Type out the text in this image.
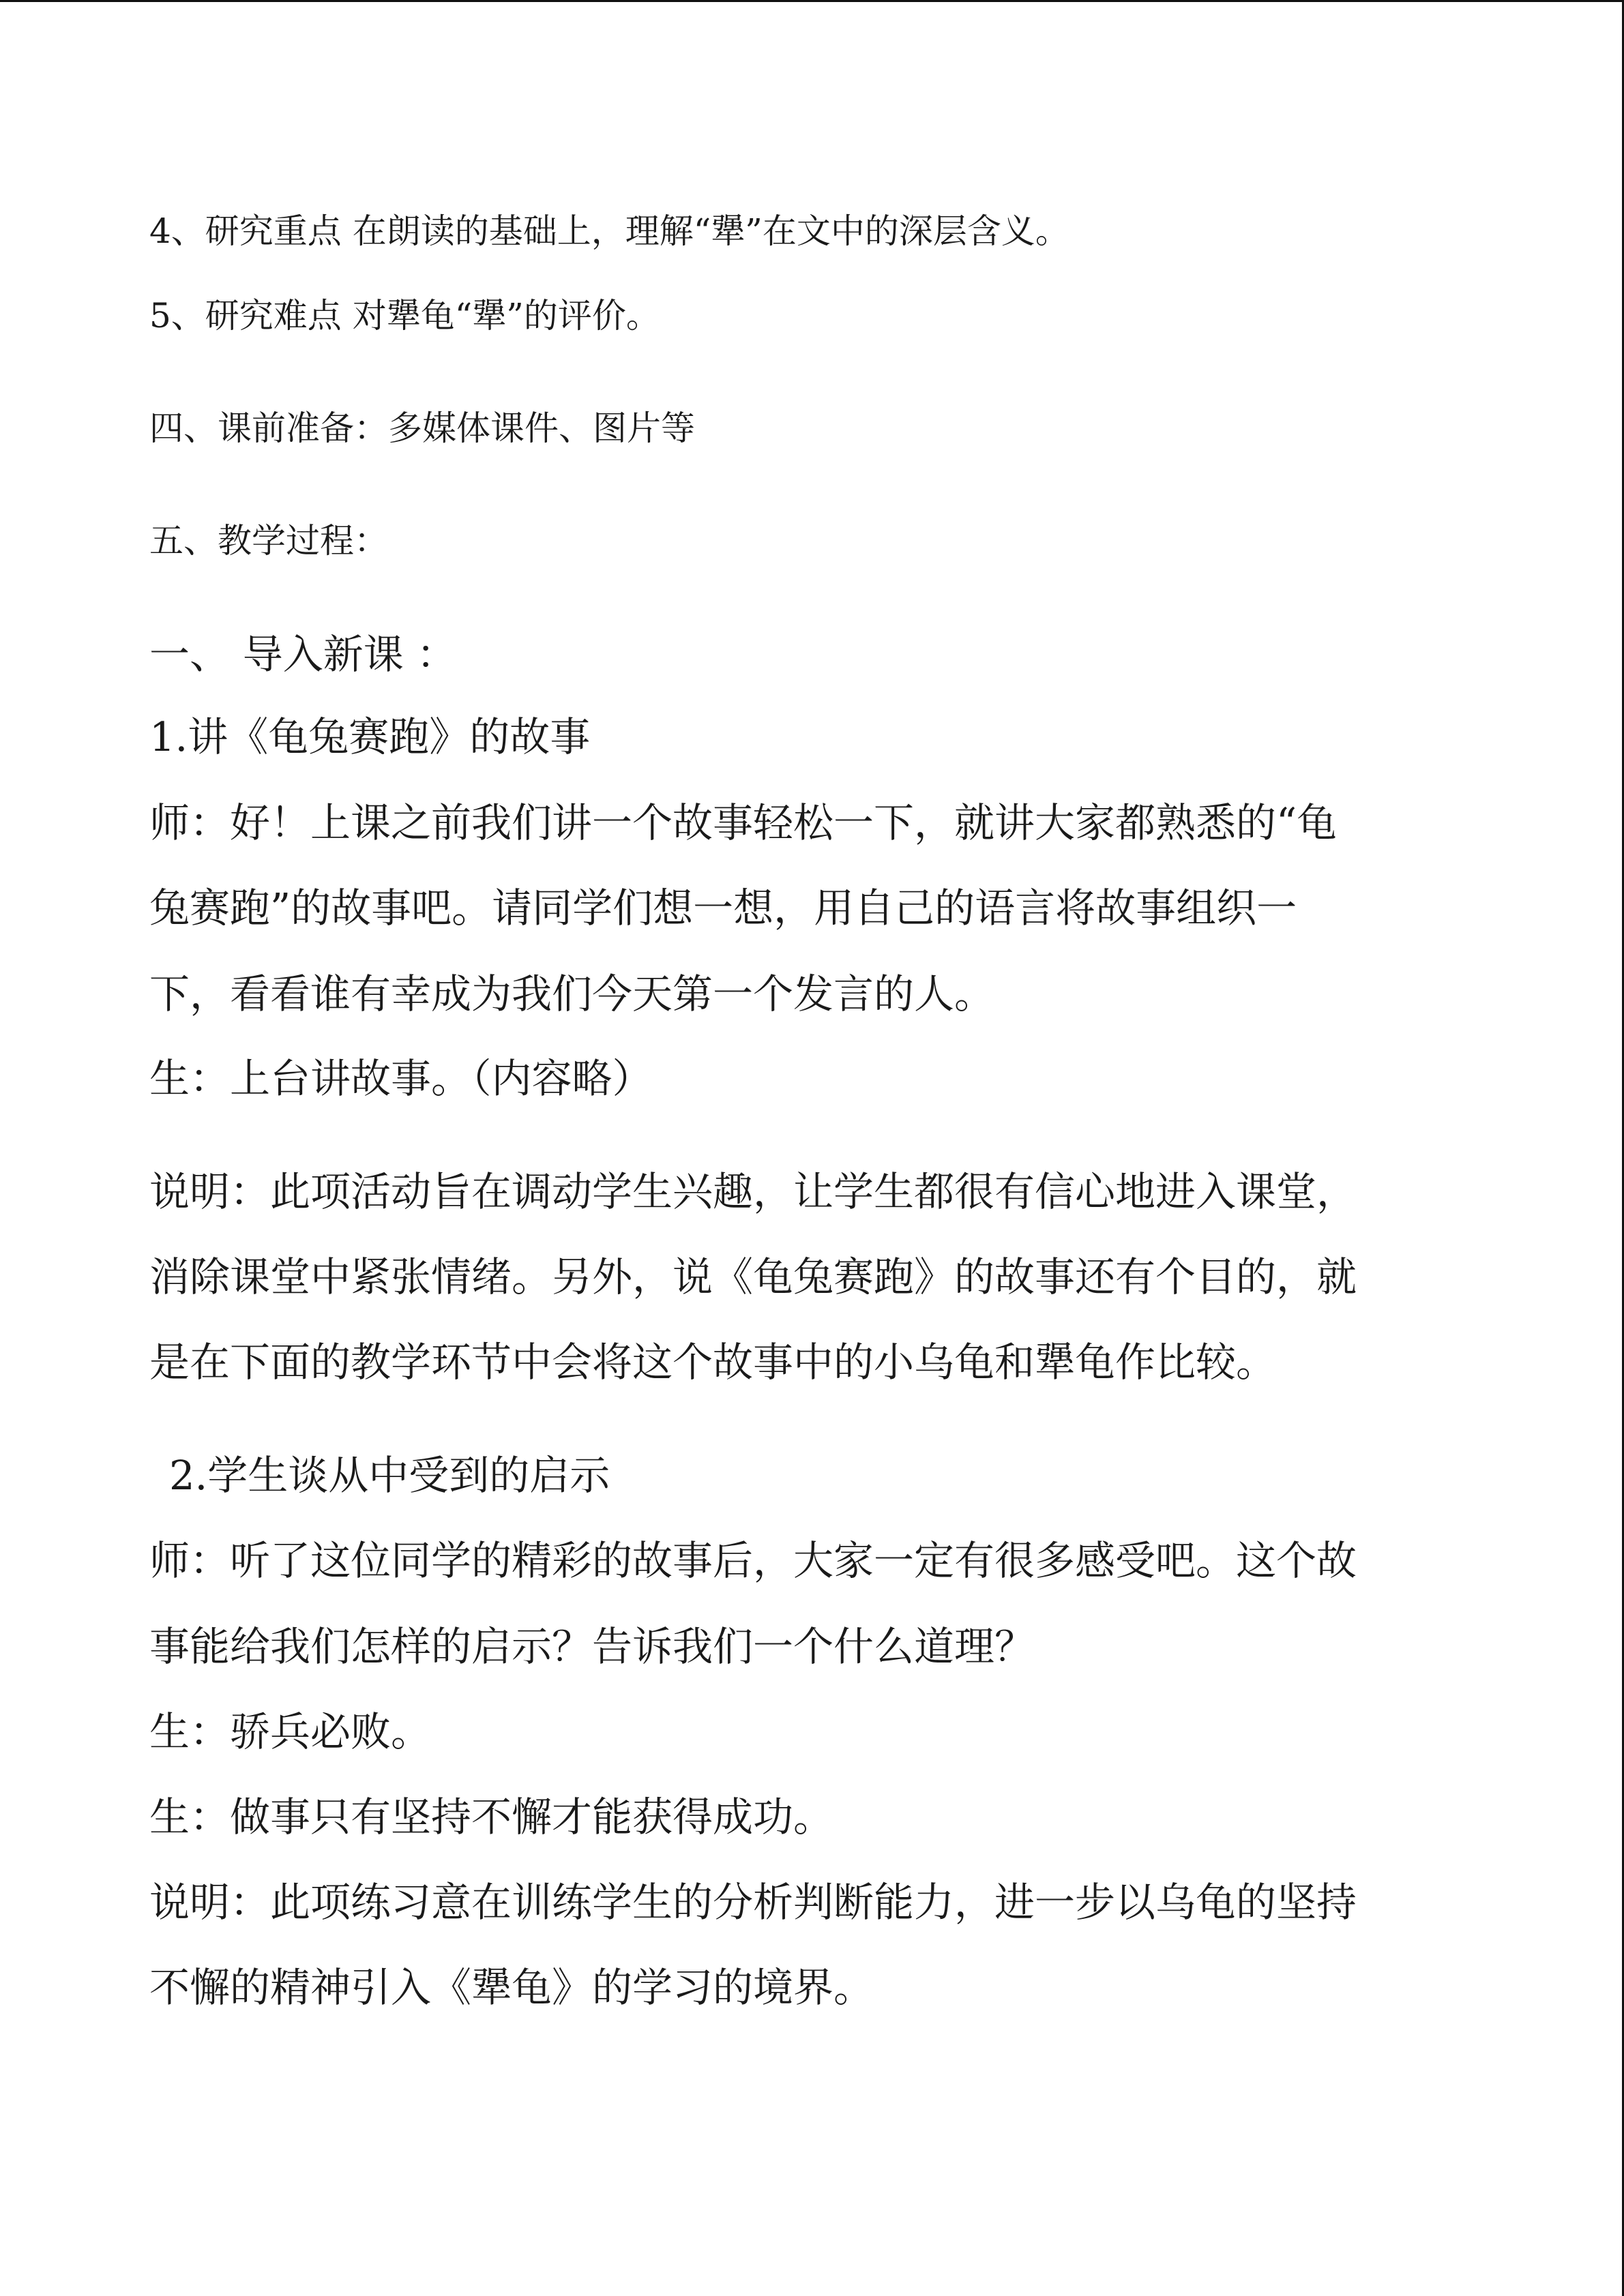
4、研究重点 在朗读的基础上，理解“犟”在文中的深层含义。
5、研究难点 对犟龟“犟”的评价。
四、课前准备：多媒体课件、图片等
五、教学过程：
一、 导入新课 ：
1.讲《龟兔赛跑》的故事
师：好！上课之前我们讲一个故事轻松一下，就讲大家都熟悉的“龟
兔赛跑”的故事吧。请同学们想一想，用自己的语言将故事组织一
下，看看谁有幸成为我们今天第一个发言的人。
生：上台讲故事。（内容略）
说明：此项活动旨在调动学生兴趣，让学生都很有信心地进入课堂，
消除课堂中紧张情绪。另外，说《龟兔赛跑》的故事还有个目的，就
是在下面的教学环节中会将这个故事中的小乌龟和犟龟作比较。
2.学生谈从中受到的启示
师：听了这位同学的精彩的故事后，大家一定有很多感受吧。这个故
事能给我们怎样的启示？告诉我们一个什么道理？
生：骄兵必败。
生：做事只有坚持不懈才能获得成功。
说明：此项练习意在训练学生的分析判断能力，进一步以乌龟的坚持
不懈的精神引入《犟龟》的学习的境界。
